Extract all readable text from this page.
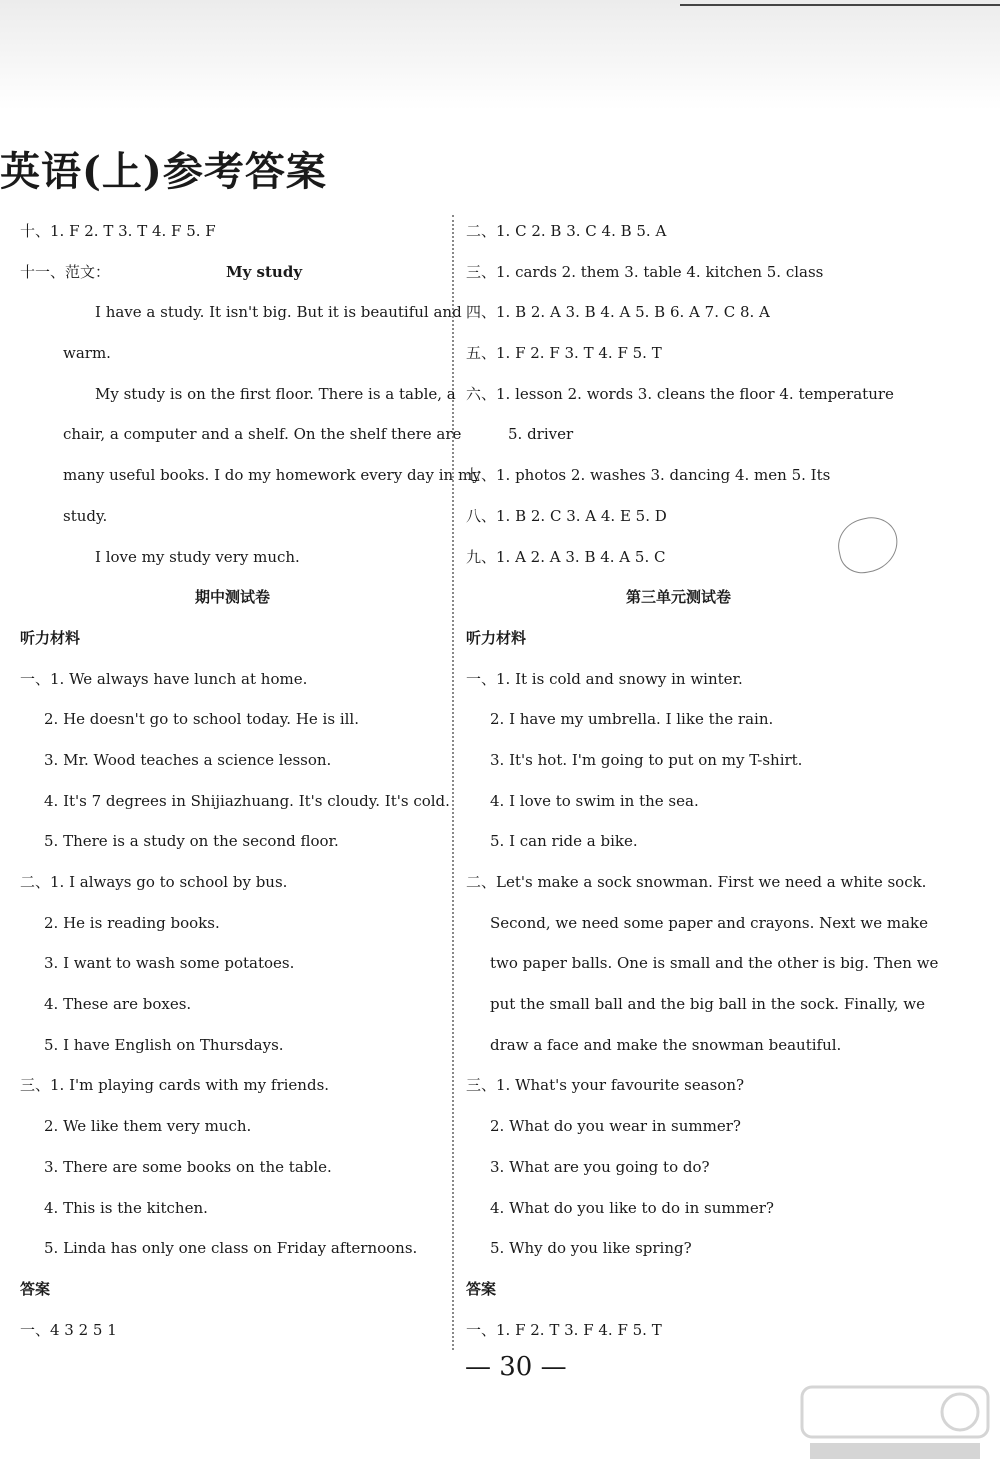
英语(上)参考答案
十、1. F 2. T 3. T 4. F 5. F
十一、范文：	My study
I have a study. It isn't big. But it is beautiful and
warm.
My study is on the first floor. There is a table, a
chair, a computer and a shelf. On the shelf there are
many useful books. I do my homework every day in my
study.
I love my study very much.
期中测试卷
听力材料
一、1. We always have lunch at home.
2. He doesn't go to school today. He is ill.
3. Mr. Wood teaches a science lesson.
4. It's 7 degrees in Shijiazhuang. It's cloudy. It's cold.
5. There is a study on the second floor.
二、1. I always go to school by bus.
2. He is reading books.
3. I want to wash some potatoes.
4. These are boxes.
5. I have English on Thursdays.
三、1. I'm playing cards with my friends.
2. We like them very much.
3. There are some books on the table.
4. This is the kitchen.
5. Linda has only one class on Friday afternoons.
答案
一、4 3 2 5 1
二、1. C 2. B 3. C 4. B 5. A
三、1. cards 2. them 3. table 4. kitchen 5. class
四、1. B 2. A 3. B 4. A 5. B 6. A 7. C 8. A
五、1. F 2. F 3. T 4. F 5. T
六、1. lesson 2. words 3. cleans the floor 4. temperature
5. driver
七、1. photos 2. washes 3. dancing 4. men 5. Its
八、1. B 2. C 3. A 4. E 5. D
九、1. A 2. A 3. B 4. A 5. C
第三单元测试卷
听力材料
一、1. It is cold and snowy in winter.
2. I have my umbrella. I like the rain.
3. It's hot. I'm going to put on my T-shirt.
4. I love to swim in the sea.
5. I can ride a bike.
二、Let's make a sock snowman. First we need a white sock.
Second, we need some paper and crayons. Next we make
two paper balls. One is small and the other is big. Then we
put the small ball and the big ball in the sock. Finally, we
draw a face and make the snowman beautiful.
三、1. What's your favourite season?
2. What do you wear in summer?
3. What are you going to do?
4. What do you like to do in summer?
5. Why do you like spring?
答案
一、1. F 2. T 3. F 4. F 5. T
— 30 —
